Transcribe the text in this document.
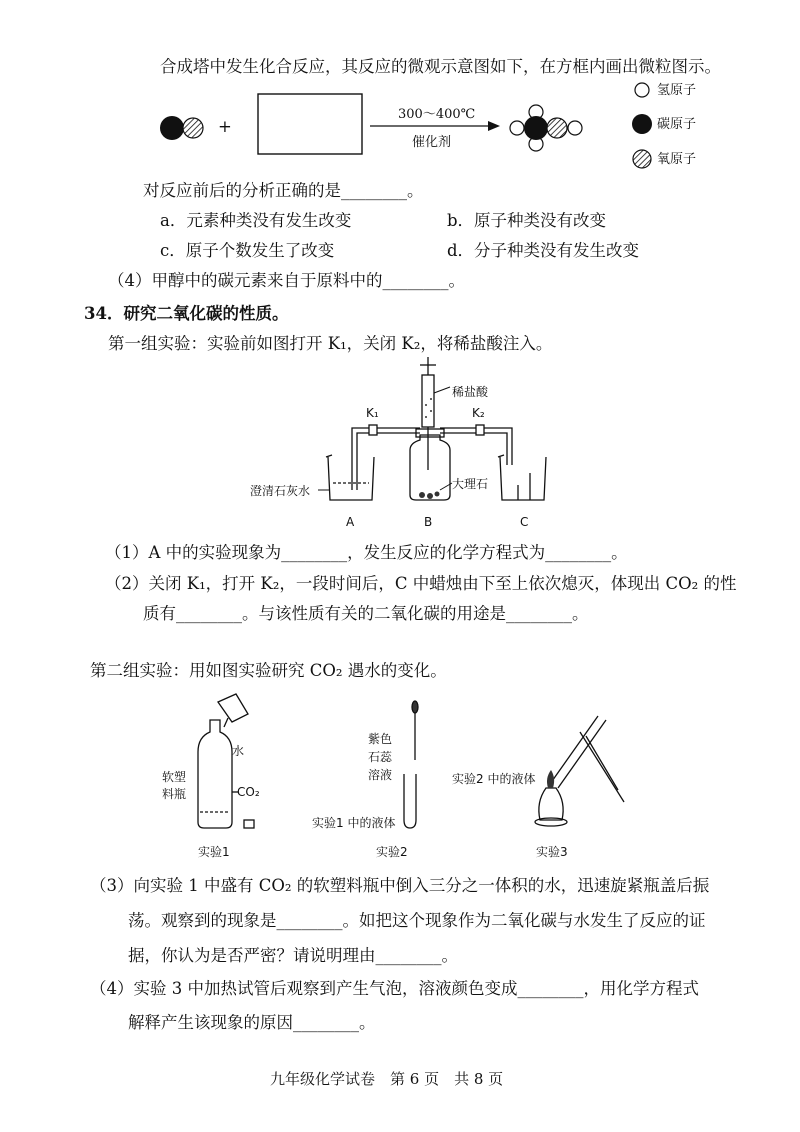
合成塔中发生化合反应，其反应的微观示意图如下，在方框内画出微粒图示。
+
300～400℃
催化剂
氢原子
碳原子
氧原子
对反应前后的分析正确的是________。
a．元素种类没有发生改变	b．原子种类没有改变
c．原子个数发生了改变	d．分子种类没有发生改变
（4）甲醇中的碳元素来自于原料中的________。
34．研究二氧化碳的性质。
第一组实验：实验前如图打开 K₁，关闭 K₂，将稀盐酸注入。
稀盐酸
K₁	K₂
澄清石灰水	大理石
A	B	C
（1）A 中的实验现象为________，发生反应的化学方程式为________。
（2）关闭 K₁，打开 K₂，一段时间后，C 中蜡烛由下至上依次熄灭，体现出 CO₂ 的性
质有________。与该性质有关的二氧化碳的用途是________。
第二组实验：用如图实验研究 CO₂ 遇水的变化。
水
软塑
料瓶	CO₂
紫色
石蕊
溶液
实验1 中的液体
实验2 中的液体
实验1	实验2	实验3
（3）向实验 1 中盛有 CO₂ 的软塑料瓶中倒入三分之一体积的水，迅速旋紧瓶盖后振
荡。观察到的现象是________。如把这个现象作为二氧化碳与水发生了反应的证
据，你认为是否严密？请说明理由________。
（4）实验 3 中加热试管后观察到产生气泡，溶液颜色变成________，用化学方程式
解释产生该现象的原因________。
九年级化学试卷　第 6 页　共 8 页
